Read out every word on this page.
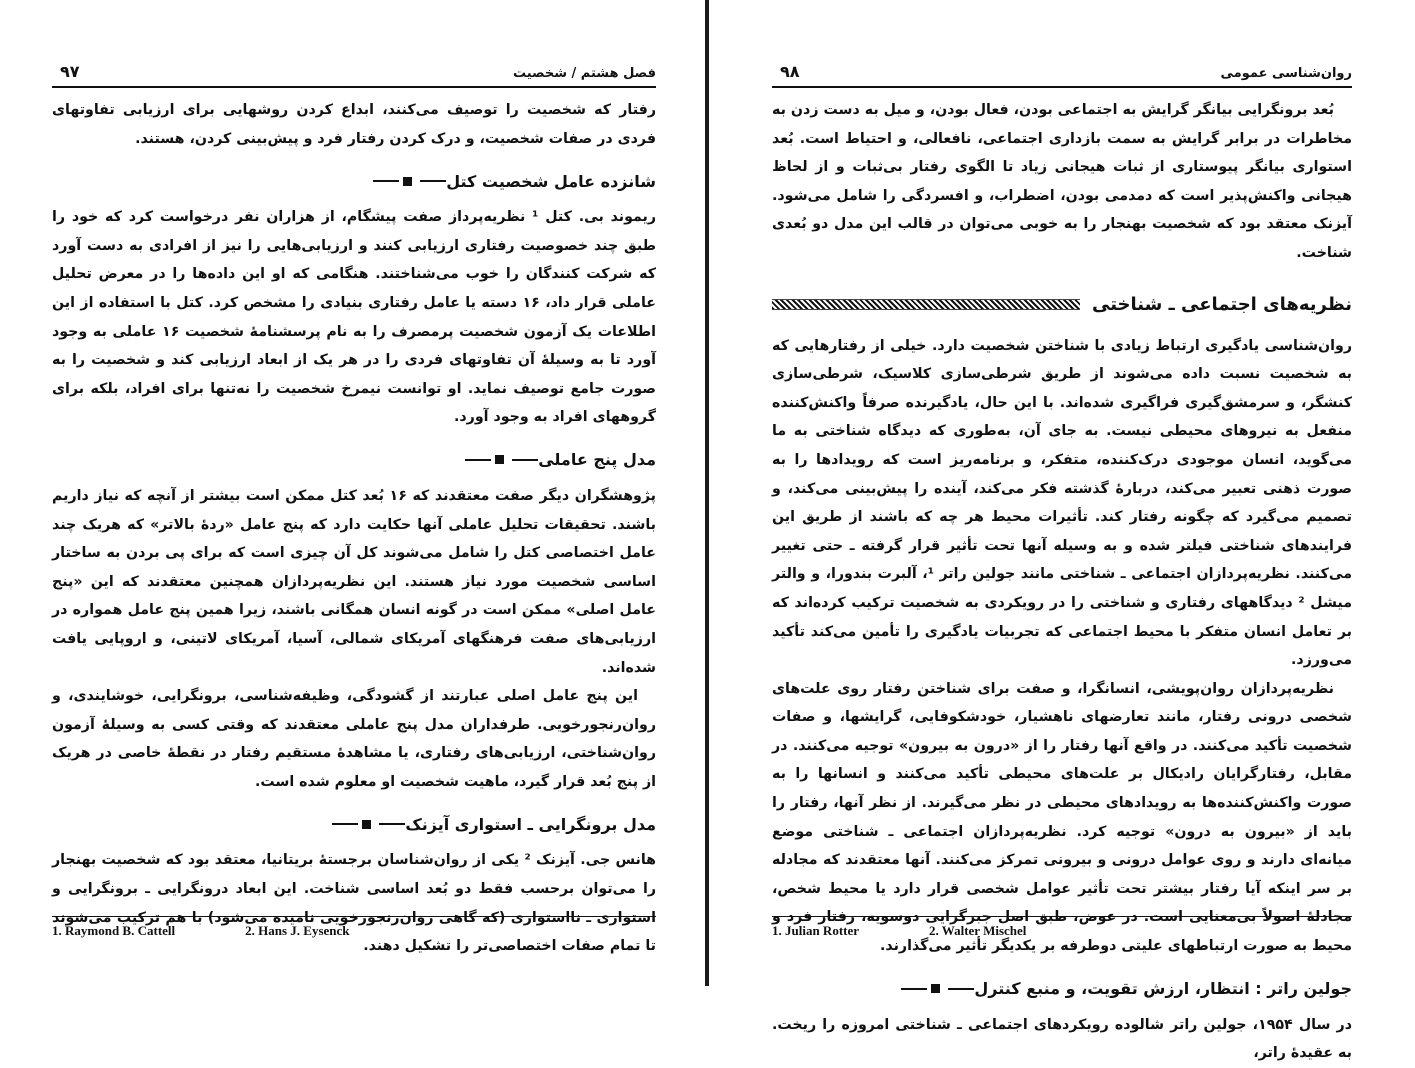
فصل هشتم / شخصیت
۹۷

رفتار که شخصیت را توصیف می‌کنند، ابداع کردن روشهایی برای ارزیابی تفاوتهای فردی در صفات شخصیت، و درک کردن رفتار فرد و پیش‌بینی کردن، هستند.

شانزده عامل شخصیت کتل

ریموند بی. کتل ¹ نظریه‌پرداز صفت پیشگام، از هزاران نفر درخواست کرد که خود را طبق چند خصوصیت رفتاری ارزیابی کنند و ارزیابی‌هایی را نیز از افرادی به دست آورد که شرکت کنندگان را خوب می‌شناختند. هنگامی که او این داده‌ها را در معرض تحلیل عاملی قرار داد، ۱۶ دسته یا عامل رفتاری بنیادی را مشخص کرد. کتل با استفاده از این اطلاعات یک آزمون شخصیت پرمصرف را به نام پرسشنامهٔ شخصیت ۱۶ عاملی به وجود آورد تا به وسیلهٔ آن تفاوتهای فردی را در هر یک از ابعاد ارزیابی کند و شخصیت را به صورت جامع توصیف نماید. او توانست نیمرخ شخصیت را نه‌تنها برای افراد، بلکه برای گروههای افراد به وجود آورد.

مدل پنج عاملی

پژوهشگران دیگر صفت معتقدند که ۱۶ بُعد کتل ممکن است بیشتر از آنچه که نیاز داریم باشند. تحقیقات تحلیل عاملی آنها حکایت دارد که پنج عامل «ردهٔ بالاتر» که هریک چند عامل اختصاصی کتل را شامل می‌شوند کل آن چیزی است که برای پی بردن به ساختار اساسی شخصیت مورد نیاز هستند. این نظریه‌پردازان همچنین معتقدند که این «پنج عامل اصلی» ممکن است در گونه انسان همگانی باشند، زیرا همین پنج عامل همواره در ارزیابی‌های صفت فرهنگهای آمریکای شمالی، آسیا، آمریکای لاتینی، و اروپایی یافت شده‌اند.

این پنج عامل اصلی عبارتند از گشودگی، وظیفه‌شناسی، برونگرایی، خوشایندی، و روان‌رنجورخویی. طرفداران مدل پنج عاملی معتقدند که وقتی کسی به وسیلهٔ آزمون روان‌شناختی، ارزیابی‌های رفتاری، یا مشاهدهٔ مستقیم رفتار در نقطهٔ خاصی در هریک از پنج بُعد قرار گیرد، ماهیت شخصیت او معلوم شده است.

مدل برونگرایی ـ استواری آیزنک

هانس جی. آیزنک ² یکی از روان‌شناسان برجستهٔ بریتانیا، معتقد بود که شخصیت بهنجار را می‌توان برحسب فقط دو بُعد اساسی شناخت. این ابعاد درونگرایی ـ برونگرایی و استواری ـ نااستواری (که گاهی روان‌رنجورخویی نامیده می‌شود) با هم ترکیب می‌شوند تا تمام صفات اختصاصی‌تر را تشکیل دهند.

1. Raymond B. Cattell	2. Hans J. Eysenck
روان‌شناسی عمومی
۹۸

بُعد برونگرایی بیانگر گرایش به اجتماعی بودن، فعال بودن، و میل به دست زدن به مخاطرات در برابر گرایش به سمت بازداری اجتماعی، نافعالی، و احتیاط است. بُعد استواری بیانگر پیوستاری از ثبات هیجانی زیاد تا الگوی رفتار بی‌ثبات و از لحاظ هیجانی واکنش‌پذیر است که دمدمی بودن، اضطراب، و افسردگی را شامل می‌شود. آیزنک معتقد بود که شخصیت بهنجار را به خوبی می‌توان در قالب این مدل دو بُعدی شناخت.

نظریه‌های اجتماعی ـ شناختی

روان‌شناسی یادگیری ارتباط زیادی با شناختن شخصیت دارد. خیلی از رفتارهایی که به شخصیت نسبت داده می‌شوند از طریق شرطی‌سازی کلاسیک، شرطی‌سازی کنشگر، و سرمشق‌گیری فراگیری شده‌اند. با این حال، یادگیرنده صرفاً واکنش‌کننده منفعل به نیروهای محیطی نیست. به جای آن، به‌طوری که دیدگاه شناختی به ما می‌گوید، انسان موجودی درک‌کننده، متفکر، و برنامه‌ریز است که رویدادها را به صورت ذهنی تعبیر می‌کند، دربارهٔ گذشته فکر می‌کند، آینده را پیش‌بینی می‌کند، و تصمیم می‌گیرد که چگونه رفتار کند. تأثیرات محیط هر چه که باشند از طریق این فرایندهای شناختی فیلتر شده و به وسیله آنها تحت تأثیر قرار گرفته ـ حتی تغییر می‌کنند. نظریه‌پردازان اجتماعی ـ شناختی مانند جولین راتر ¹، آلبرت بندورا، و والتر میشل ² دیدگاههای رفتاری و شناختی را در رویکردی به شخصیت ترکیب کرده‌اند که بر تعامل انسان متفکر با محیط اجتماعی که تجربیات یادگیری را تأمین می‌کند تأکید می‌ورزد.

نظریه‌پردازان روان‌پویشی، انسانگرا، و صفت برای شناختن رفتار روی علت‌های شخصی درونی رفتار، مانند تعارضهای ناهشیار، خودشکوفایی، گرایشها، و صفات شخصیت تأکید می‌کنند. در واقع آنها رفتار را از «درون به بیرون» توجیه می‌کنند. در مقابل، رفتارگرایان رادیکال بر علت‌های محیطی تأکید می‌کنند و انسانها را به صورت واکنش‌کننده‌ها به رویدادهای محیطی در نظر می‌گیرند. از نظر آنها، رفتار را باید از «بیرون به درون» توجیه کرد. نظریه‌پردازان اجتماعی ـ شناختی موضع میانه‌ای دارند و روی عوامل درونی و بیرونی تمرکز می‌کنند. آنها معتقدند که مجادله بر سر اینکه آیا رفتار بیشتر تحت تأثیر عوامل شخصی قرار دارد یا محیط شخص، مجادلهٔ اصولاً بی‌معنایی است. در عوض، طبق اصل جبرگرایی دوسویه، رفتار فرد و محیط به صورت ارتباطهای علیتی دوطرفه بر یکدیگر تأثیر می‌گذارند.

جولین راتر : انتظار، ارزش تقویت، و منبع کنترل

در سال ۱۹۵۴، جولین راتر شالوده رویکردهای اجتماعی ـ شناختی امروزه را ریخت. به عقیدهٔ راتر،

1. Julian Rotter	2. Walter Mischel
